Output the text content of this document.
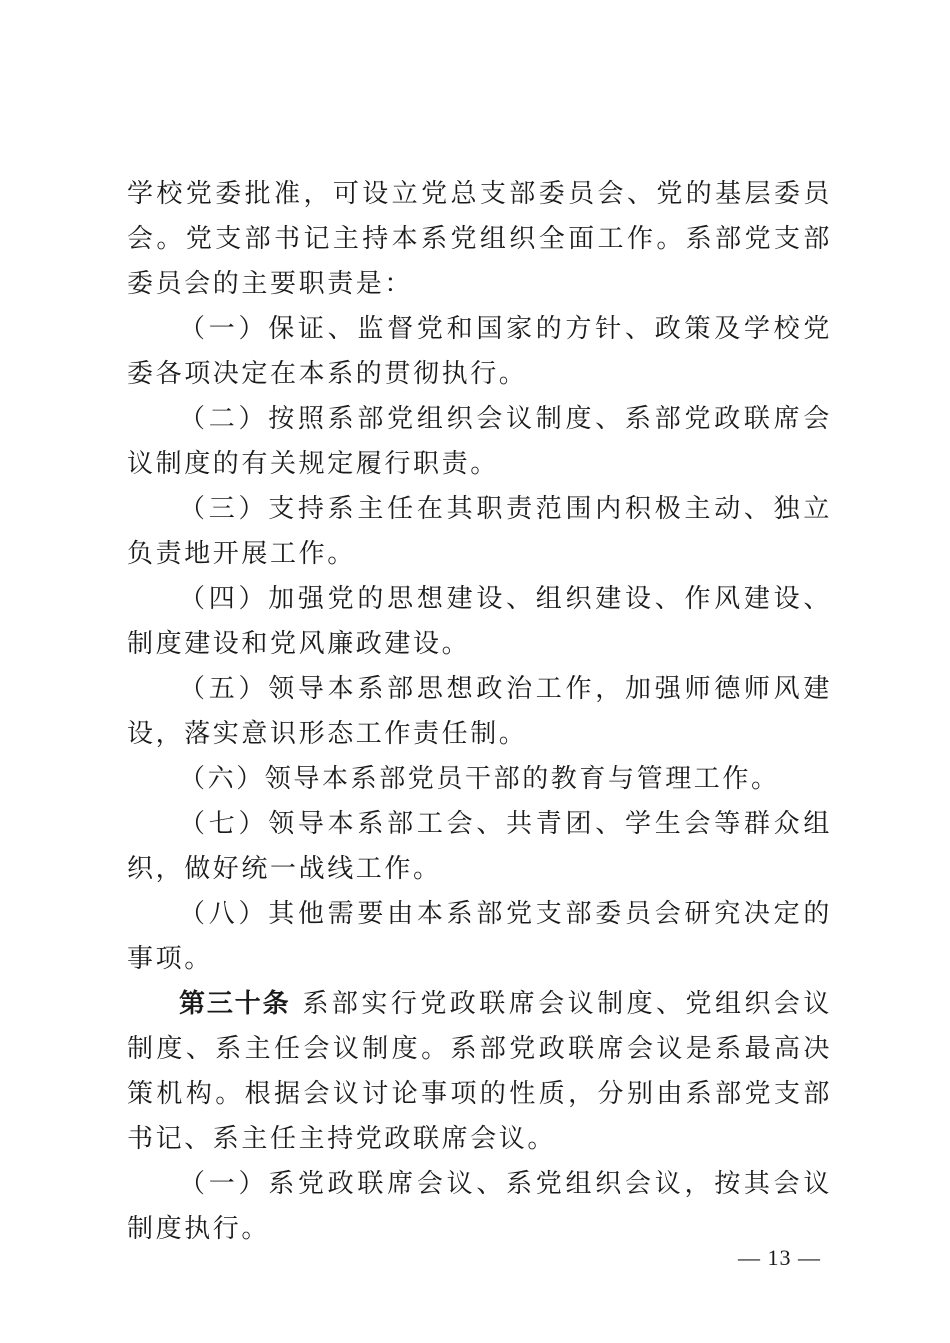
学校党委批准，可设立党总支部委员会、党的基层委员会。党支部书记主持本系党组织全面工作。系部党支部委员会的主要职责是：

（一）保证、监督党和国家的方针、政策及学校党委各项决定在本系的贯彻执行。

（二）按照系部党组织会议制度、系部党政联席会议制度的有关规定履行职责。

（三）支持系主任在其职责范围内积极主动、独立负责地开展工作。

（四）加强党的思想建设、组织建设、作风建设、制度建设和党风廉政建设。

（五）领导本系部思想政治工作，加强师德师风建设，落实意识形态工作责任制。

（六）领导本系部党员干部的教育与管理工作。

（七）领导本系部工会、共青团、学生会等群众组织，做好统一战线工作。

（八）其他需要由本系部党支部委员会研究决定的事项。

第三十条 系部实行党政联席会议制度、党组织会议制度、系主任会议制度。系部党政联席会议是系最高决策机构。根据会议讨论事项的性质，分别由系部党支部书记、系主任主持党政联席会议。

（一）系党政联席会议、系党组织会议，按其会议制度执行。

— 13 —
